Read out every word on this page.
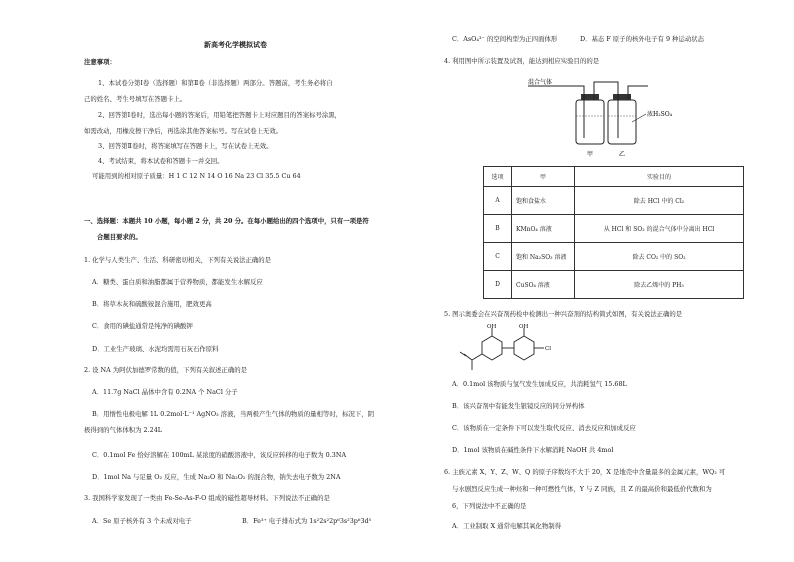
新高考化学模拟试卷
注意事项：
1、本试卷分第Ⅰ卷（选择题）和第Ⅱ卷（非选择题）两部分。答题前，考生务必将自
己的姓名、考生号填写在答题卡上。
2、回答第Ⅰ卷时，选出每小题的答案后，用铅笔把答题卡上对应题目的答案标号涂黑，
如需改动，用橡皮擦干净后，再选涂其他答案标号。写在试卷上无效。
3、回答第Ⅱ卷时，将答案填写在答题卡上，写在试卷上无效。
4、考试结束，将本试卷和答题卡一并交回。
可能用到的相对原子质量：H 1 C 12 N 14 O 16 Na 23 Cl 35.5 Cu 64
一、选择题：本题共 10 小题，每小题 2 分，共 20 分。在每小题给出的四个选项中，只有一项是符
合题目要求的。
1. 化学与人类生产、生活、科研密切相关，下列有关说法正确的是
A．糖类、蛋白质和油脂都属于营养物质，都能发生水解反应
B．将草木灰和硫酸铵混合施用，肥效更高
C．食用的碘盐通常是纯净的碘酸钾
D．工业生产玻璃、水泥均需用石灰石作原料
2. 设 NA 为阿伏加德罗常数的值，下列有关叙述正确的是
A．11.7g NaCl 晶体中含有 0.2NA 个 NaCl 分子
B．用惰性电极电解 1L 0.2mol·L⁻¹ AgNO₃ 溶液，当两极产生气体的物质的量相等时，标况下，阴
极得到的气体体积为 2.24L
C．0.1mol Fe 恰好溶解在 100mL 某浓度的硝酸溶液中，该反应转移的电子数为 0.3NA
D．1mol Na 与足量 O₂ 反应，生成 Na₂O 和 Na₂O₂ 的混合物，钠失去电子数为 2NA
3. 我国科学家发现了一类由 Fe-Se-As-F-O 组成的磁性超导材料。下列说法不正确的是
A．Se 原子核外有 3 个未成对电子	B．Fe³⁺ 电子排布式为 1s²2s²2p⁶3s²3p⁶3d⁵
C．AsO₄³⁻ 的空间构型为正四面体形	D．基态 F 原子的核外电子有 9 种运动状态
4. 利用图中所示装置及试剂，能达到相应实验目的的是
混合气体
浓H₂SO₄
甲	乙
选项	甲	实验目的
A	饱和食盐水	除去 HCl 中的 Cl₂
B	KMnO₄ 溶液	从 HCl 和 SO₂ 的混合气体中分离出 HCl
C	饱和 Na₂SO₃ 溶液	除去 CO₂ 中的 SO₂
D	CuSO₄ 溶液	除去乙烯中的 PH₃
5. 图示奥委会在兴奋剂药检中检测出一种兴奋剂的结构简式如图，有关说法正确的是
OH	OH
Cl
A．0.1mol 该物质与氢气发生加成反应，共消耗氢气 15.68L
B．该兴奋剂中有能发生银镜反应的同分异构体
C．该物质在一定条件下可以发生取代反应、消去反应和加成反应
D．1mol 该物质在碱性条件下水解消耗 NaOH 共 4mol
6. 主族元素 X、Y、Z、W、Q 的原子序数均不大于 20，X 是地壳中含量最多的金属元素，WQ₂ 可
与水剧烈反应生成一种烃和一种可燃性气体，Y 与 Z 同族，且 Z 的最高价和最低价代数和为
6，下列说法中不正确的是
A．工业制取 X 通常电解其氧化物制得
